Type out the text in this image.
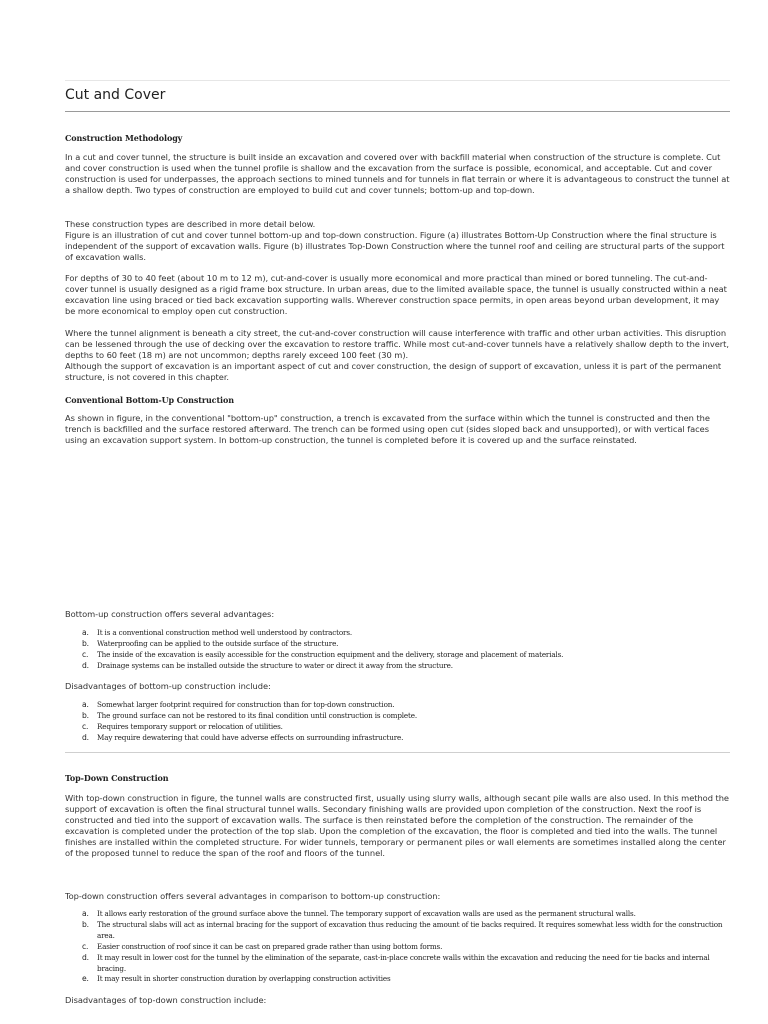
Cut and Cover
Construction Methodology

In a cut and cover tunnel, the structure is built inside an excavation and covered over with backfill material when construction of the structure is complete. Cut and cover construction is used when the tunnel profile is shallow and the excavation from the surface is possible, economical, and acceptable. Cut and cover construction is used for underpasses, the approach sections to mined tunnels and for tunnels in flat terrain or where it is advantageous to construct the tunnel at a shallow depth. Two types of construction are employed to build cut and cover tunnels; bottom-up and top-down.

These construction types are described in more detail below.

Figure is an illustration of cut and cover tunnel bottom-up and top-down construction. Figure (a) illustrates Bottom-Up Construction where the final structure is independent of the support of excavation walls. Figure (b) illustrates Top-Down Construction where the tunnel roof and ceiling are structural parts of the support of excavation walls.

For depths of 30 to 40 feet (about 10 m to 12 m), cut-and-cover is usually more economical and more practical than mined or bored tunneling. The cut-and-cover tunnel is usually designed as a rigid frame box structure. In urban areas, due to the limited available space, the tunnel is usually constructed within a neat excavation line using braced or tied back excavation supporting walls. Wherever construction space permits, in open areas beyond urban development, it may be more economical to employ open cut construction.

Where the tunnel alignment is beneath a city street, the cut-and-cover construction will cause interference with traffic and other urban activities. This disruption can be lessened through the use of decking over the excavation to restore traffic. While most cut-and-cover tunnels have a relatively shallow depth to the invert, depths to 60 feet (18 m) are not uncommon; depths rarely exceed 100 feet (30 m).

Although the support of excavation is an important aspect of cut and cover construction, the design of support of excavation, unless it is part of the permanent structure, is not covered in this chapter.

Conventional Bottom-Up Construction

As shown in figure, in the conventional "bottom-up" construction, a trench is excavated from the surface within which the tunnel is constructed and then the trench is backfilled and the surface restored afterward. The trench can be formed using open cut (sides sloped back and unsupported), or with vertical faces using an excavation support system. In bottom-up construction, the tunnel is completed before it is covered up and the surface reinstated.

Bottom-up construction offers several advantages:

a. It is a conventional construction method well understood by contractors.
b. Waterproofing can be applied to the outside surface of the structure.
c. The inside of the excavation is easily accessible for the construction equipment and the delivery, storage and placement of materials.
d. Drainage systems can be installed outside the structure to water or direct it away from the structure.

Disadvantages of bottom-up construction include:

a. Somewhat larger footprint required for construction than for top-down construction.
b. The ground surface can not be restored to its final condition until construction is complete.
c. Requires temporary support or relocation of utilities.
d. May require dewatering that could have adverse effects on surrounding infrastructure.
Top-Down Construction

With top-down construction in figure, the tunnel walls are constructed first, usually using slurry walls, although secant pile walls are also used. In this method the support of excavation is often the final structural tunnel walls. Secondary finishing walls are provided upon completion of the construction. Next the roof is constructed and tied into the support of excavation walls. The surface is then reinstated before the completion of the construction. The remainder of the excavation is completed under the protection of the top slab. Upon the completion of the excavation, the floor is completed and tied into the walls. The tunnel finishes are installed within the completed structure. For wider tunnels, temporary or permanent piles or wall elements are sometimes installed along the center of the proposed tunnel to reduce the span of the roof and floors of the tunnel.

Top-down construction offers several advantages in comparison to bottom-up construction:

a. It allows early restoration of the ground surface above the tunnel. The temporary support of excavation walls are used as the permanent structural walls.
b. The structural slabs will act as internal bracing for the support of excavation thus reducing the amount of tie backs required. It requires somewhat less width for the construction area.
c. Easier construction of roof since it can be cast on prepared grade rather than using bottom forms.
d. It may result in lower cost for the tunnel by the elimination of the separate, cast-in-place concrete walls within the excavation and reducing the need for tie backs and internal bracing.
e. It may result in shorter construction duration by overlapping construction activities

Disadvantages of top-down construction include:
